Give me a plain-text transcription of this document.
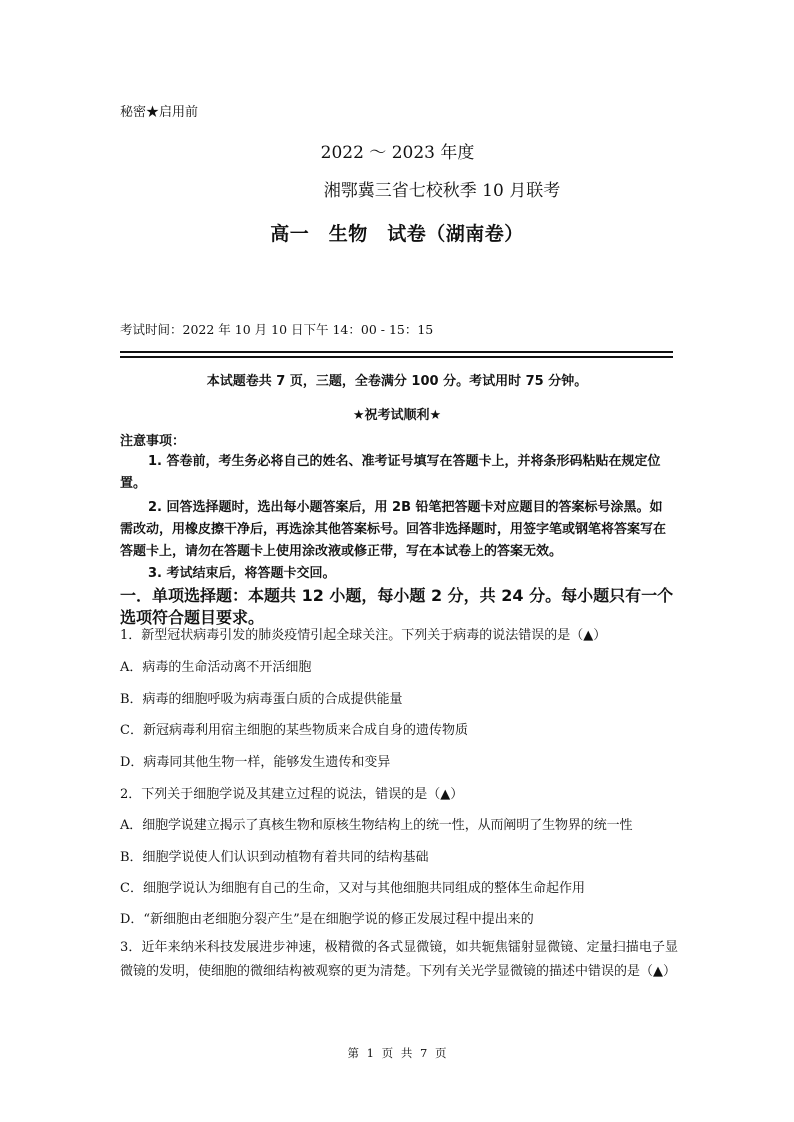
秘密★启用前
2022 ～ 2023 年度
湘鄂冀三省七校秋季 10 月联考
高一　生物　试卷（湖南卷）
考试时间：2022 年 10 月 10 日下午 14：00 - 15：15
本试题卷共 7 页，三题，全卷满分 100 分。考试用时 75 分钟。
★祝考试顺利★
注意事项：
1. 答卷前，考生务必将自己的姓名、准考证号填写在答题卡上，并将条形码粘贴在规定位置。
2. 回答选择题时，选出每小题答案后，用 2B 铅笔把答题卡对应题目的答案标号涂黑。如需改动，用橡皮擦干净后，再选涂其他答案标号。回答非选择题时，用签字笔或钢笔将答案写在答题卡上，请勿在答题卡上使用涂改液或修正带，写在本试卷上的答案无效。
3. 考试结束后，将答题卡交回。
一．单项选择题：本题共 12 小题，每小题 2 分，共 24 分。每小题只有一个选项符合题目要求。
1．新型冠状病毒引发的肺炎疫情引起全球关注。下列关于病毒的说法错误的是（▲）
A．病毒的生命活动离不开活细胞
B．病毒的细胞呼吸为病毒蛋白质的合成提供能量
C．新冠病毒利用宿主细胞的某些物质来合成自身的遗传物质
D．病毒同其他生物一样，能够发生遗传和变异
2．下列关于细胞学说及其建立过程的说法，错误的是（▲）
A．细胞学说建立揭示了真核生物和原核生物结构上的统一性，从而阐明了生物界的统一性
B．细胞学说使人们认识到动植物有着共同的结构基础
C．细胞学说认为细胞有自己的生命，又对与其他细胞共同组成的整体生命起作用
D．“新细胞由老细胞分裂产生”是在细胞学说的修正发展过程中提出来的
3．近年来纳米科技发展进步神速，极精微的各式显微镜，如共轭焦镭射显微镜、定量扫描电子显微镜的发明，使细胞的微细结构被观察的更为清楚。下列有关光学显微镜的描述中错误的是（▲）
第 1 页 共 7 页
